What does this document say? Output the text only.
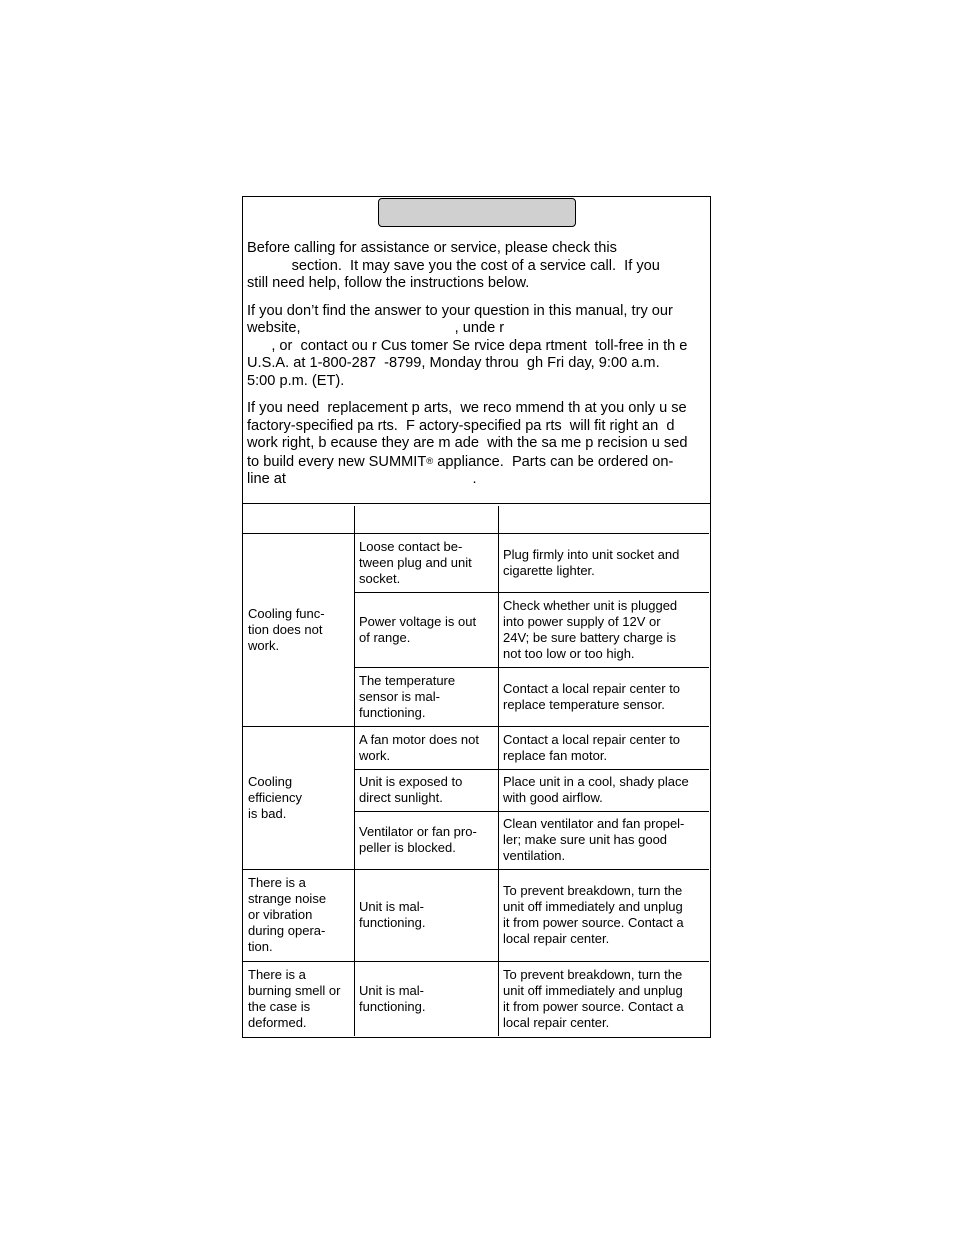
Before calling for assistance or service, please check this
section.  It may save you the cost of a service call.  If you
still need help, follow the instructions below.

If you don’t find the answer to your question in this manual, try our
website,                                      , unde r
, or  contact ou r Cus tomer Se rvice depa rtment  toll-free in th e
U.S.A. at 1-800-287  -8799, Monday throu  gh Fri day, 9:00 a.m.
5:00 p.m. (ET).

If you need  replacement p arts,  we reco mmend th at you only u se
factory-specified pa rts.  F actory-specified pa rts  will fit right an  d
work right, b ecause they are m ade  with the sa me p recision u sed
to build every new SUMMIT® appliance.  Parts can be ordered on-
line at                                              .

Cooling func-
tion does not
work.
Loose contact be-
tween plug and unit
socket.
Plug firmly into unit socket and
cigarette lighter.
Power voltage is out
of range.
Check whether unit is plugged
into power supply of 12V or
24V; be sure battery charge is
not too low or too high.
The temperature
sensor is mal-
functioning.
Contact a local repair center to
replace temperature sensor.
Cooling
efficiency
is bad.
A fan motor does not
work.
Contact a local repair center to
replace fan motor.
Unit is exposed to
direct sunlight.
Place unit in a cool, shady place
with good airflow.
Ventilator or fan pro-
peller is blocked.
Clean ventilator and fan propel-
ler; make sure unit has good
ventilation.
There is a
strange noise
or vibration
during opera-
tion.
Unit is mal-
functioning.
To prevent breakdown, turn the
unit off immediately and unplug
it from power source. Contact a
local repair center.
There is a
burning smell or
the case is
deformed.
Unit is mal-
functioning.
To prevent breakdown, turn the
unit off immediately and unplug
it from power source. Contact a
local repair center.
